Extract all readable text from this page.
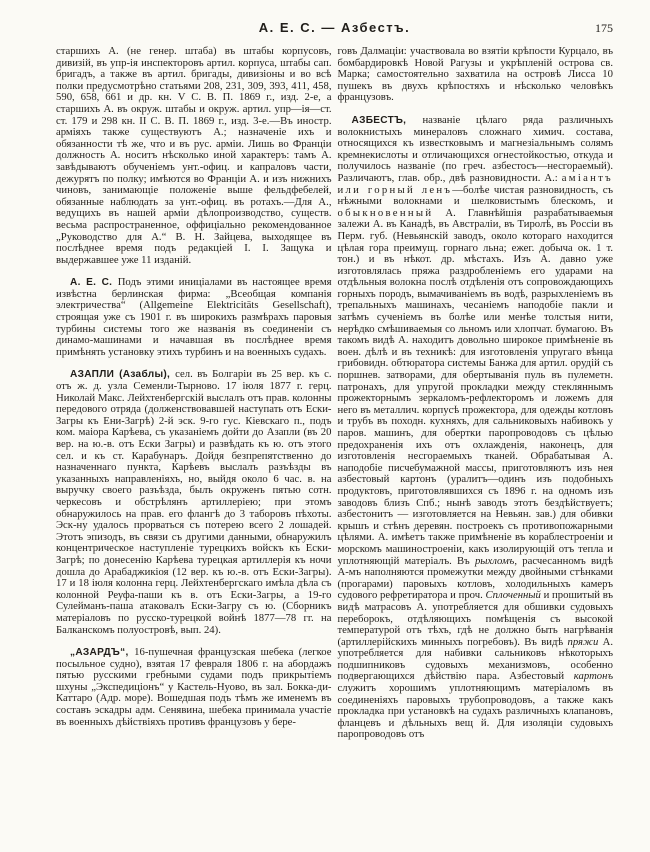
А. Е. С. — Азбестъ.	175

старшихъ А. (не генер. штаба) въ штабы корпусовъ, дивизій, въ упр-ія инспекторовъ артил. корпуса, штабы сап. бригадъ, а также въ артил. бригады, дивизіоны и во всѣ полки предусмотрѣно статьями 208, 231, 309, 393, 411, 458, 590, 658, 661 и др. кн. V С. В. П. 1869 г., изд. 2-е, а старшихъ А. въ окруж. штабы и окруж. артил. упр—ія—ст. ст. 179 и 298 кн. II С. В. П. 1869 г., изд. 3-е.—Въ иностр. арміяхъ также существуютъ А.; назначеніе ихъ и обязанности тѣ же, что и въ рус. арміи. Лишь во Франціи должность А. носитъ нѣсколько иной характеръ: тамъ А. завѣдываютъ обученіемъ унт.-офиц. и капраловъ части, дежурятъ по полку; имѣются во Франціи А. и изъ нижнихъ чиновъ, занимающіе положеніе выше фельдфебелей, обязанные наблюдать за унт.-офиц. въ ротахъ.—Для А., ведущихъ въ нашей арміи дѣлопроизводство, существ. весьма распространенное, оффиціально рекомендованное „Руководство для А.“ В. Н. Зайцева, выходящее въ послѣднее время подъ редакціей І. І. Защука и выдержавшее уже 11 изданій.

А. Е. С. Подъ этими иниціалами въ настоящее время извѣстна берлинская фирма: „Всеобщая компанія электричества“ (Allgemeine Elektricitäts Gesellschaft), строящая уже съ 1901 г. въ широкихъ размѣрахъ паровыя турбины системы того же названія въ соединеніи съ динамо-машинами и начавшая въ послѣднее время примѣнять установку этихъ турбинъ и на военныхъ судахъ.

АЗАПЛИ (Азаблы), сел. въ Болгаріи въ 25 вер. къ с. отъ ж. д. узла Семенли-Тырново. 17 іюля 1877 г. герц. Николай Макс. Лейхтенбергскій выслалъ отъ прав. колонны передового отряда (долженствовавшей наступать отъ Ески-Загры къ Ени-Загрѣ) 2-й эск. 9-го гус. Кіевскаго п., подъ ком. маіора Карѣева, съ указаніемъ дойти до Азапли (въ 20 вер. на ю.-в. отъ Ески Загры) и развѣдать къ ю. отъ этого сел. и къ ст. Карабунаръ. Дойдя безпрепятственно до назначеннаго пункта, Карѣевъ выслалъ разъѣзды въ указанныхъ направленіяхъ, но, выйдя около 6 час. в. на выручку своего разъѣзда, былъ окруженъ пятью сотн. черкесовъ и обстрѣлянъ артиллеріею; при этомъ обнаружилось на прав. его флангѣ до 3 таборовъ пѣхоты. Эск-ну удалось прорваться съ потерею всего 2 лошадей. Этотъ эпизодъ, въ связи съ другими данными, обнаружилъ концентрическое наступленіе турецкихъ войскъ къ Ески-Загрѣ; по донесенію Карѣева турецкая артиллерія къ ночи дошла до Арабаджикіоя (12 вер. къ ю.-в. отъ Ески-Загры). 17 и 18 іюля колонна герц. Лейхтенбергскаго имѣла дѣла съ колонной Реуфа-паши къ в. отъ Ески-Загры, а 19-го Сулейманъ-паша атаковалъ Ески-Загру съ ю. (Сборникъ матеріаловъ по русско-турецкой войнѣ 1877—78 гг. на Балканскомъ полуостровѣ, вып. 24).

„АЗАРДЪ“, 16-пушечная французская шебека (легкое посыльное судно), взятая 17 февраля 1806 г. на абордажъ пятью русскими гребными судами подъ прикрытіемъ шхуны „Экспедиціонъ“ у Кастель-Нуово, въ зал. Бокка-ди-Каттаро (Адр. море). Вошедшая подъ тѣмъ же именемъ въ составъ эскадры адм. Сенявина, шебека принимала участіе въ военныхъ дѣйствіяхъ противъ французовъ у бере-

говъ Далмаціи: участвовала во взятіи крѣпости Курцало, въ бомбардировкѣ Новой Рагузы и укрѣпленій острова св. Марка; самостоятельно захватила на островѣ Лисса 10 пушекъ въ двухъ крѣпостяхъ и нѣсколько человѣкъ французовъ.

АЗБЕСТЪ, названіе цѣлаго ряда различныхъ волокнистыхъ минераловъ сложнаго химич. состава, относящихся къ известковымъ и магнезіальнымъ солямъ кремнекислоты и отличающихся огнестойкостью, откуда и получилось названіе (по греч. азбестосъ—несгораемый). Различаютъ, глав. обр., двѣ разновидности. А.: аміантъ или горный ленъ—болѣе чистая разновидность, съ нѣжными волокнами и шелковистымъ блескомъ, и обыкновенный А. Главнѣйшія разрабатываемыя залежи А. въ Канадѣ, въ Австраліи, въ Тиролѣ, въ Россіи въ Перм. губ. (Невьянскій заводъ, около котораго находится цѣлая гора преимущ. горнаго льна; ежег. добыча ок. 1 т. тон.) и въ нѣкот. др. мѣстахъ. Изъ А. давно уже изготовлялась пряжа раздробленіемъ его ударами на отдѣльныя волокна послѣ отдѣленія отъ сопровождающихъ горныхъ породъ, вымачиваніемъ въ водѣ, разрыхленіемъ въ трепальныхъ машинахъ, чесаніемъ наподобіе пакли и затѣмъ сученіемъ въ болѣе или менѣе толстыя нити, нерѣдко смѣшиваемыя со льномъ или хлопчат. бумагою. Въ такомъ видѣ А. находитъ довольно широкое примѣненіе въ воен. дѣлѣ и въ техникѣ: для изготовленія упругаго вѣнца грибовидн. обтюратора системы Банжа для артил. орудій съ поршнев. затворами, для обертыванія пуль въ пулеметн. патронахъ, для упругой прокладки между стекляннымъ прожекторнымъ зеркаломъ-рефлекторомъ и ложемъ для него въ металлич. корпусѣ прожектора, для одежды котловъ и трубъ въ походн. кухняхъ, для сальниковыхъ набивокъ у паров. машинъ, для обертки паропроводовъ съ цѣлью предохраненія ихъ отъ охлажденія, наконецъ, для изготовленія несгораемыхъ тканей. Обрабатывая А. наподобіе писчебумажной массы, приготовляютъ изъ нея азбестовый картонъ (уралитъ—одинъ изъ подобныхъ продуктовъ, приготовлявшихся съ 1896 г. на одномъ изъ заводовъ близъ Спб.; нынѣ заводъ этотъ бездѣйствуетъ; азбестонитъ — изготовляется на Невьян. зав.) для обивки крышъ и стѣнъ деревян. построекъ съ противопожарными цѣлями. А. имѣетъ также примѣненіе въ кораблестроеніи и морскомъ машиностроеніи, какъ изолирующій отъ тепла и уплотняющій матеріалъ. Въ рыхломъ, расчесанномъ видѣ А-мъ наполняются промежутки между двойными стѣнками (прогарами) паровыхъ котловъ, холодильныхъ камеръ судового рефретиратора и проч. Сплоченный и прошитый въ видѣ матрасовъ А. употребляется для обшивки судовыхъ переборокъ, отдѣляющихъ помѣщенія съ высокой температурой отъ тѣхъ, гдѣ не должно быть нагрѣванія (артиллерійскихъ минныхъ погребовъ). Въ видѣ пряжи А. употребляется для набивки сальниковъ нѣкоторыхъ подшипниковъ судовыхъ механизмовъ, особенно подвергающихся дѣйствію пара. Азбестовый картонъ служитъ хорошимъ уплотняющимъ матеріаломъ въ соединеніяхъ паровыхъ трубопроводовъ, а также какъ прокладка при установкѣ на судахъ различныхъ клапановъ, фланцевъ и дѣльныхъ вещ й. Для изоляціи судовыхъ паропроводовъ отъ
